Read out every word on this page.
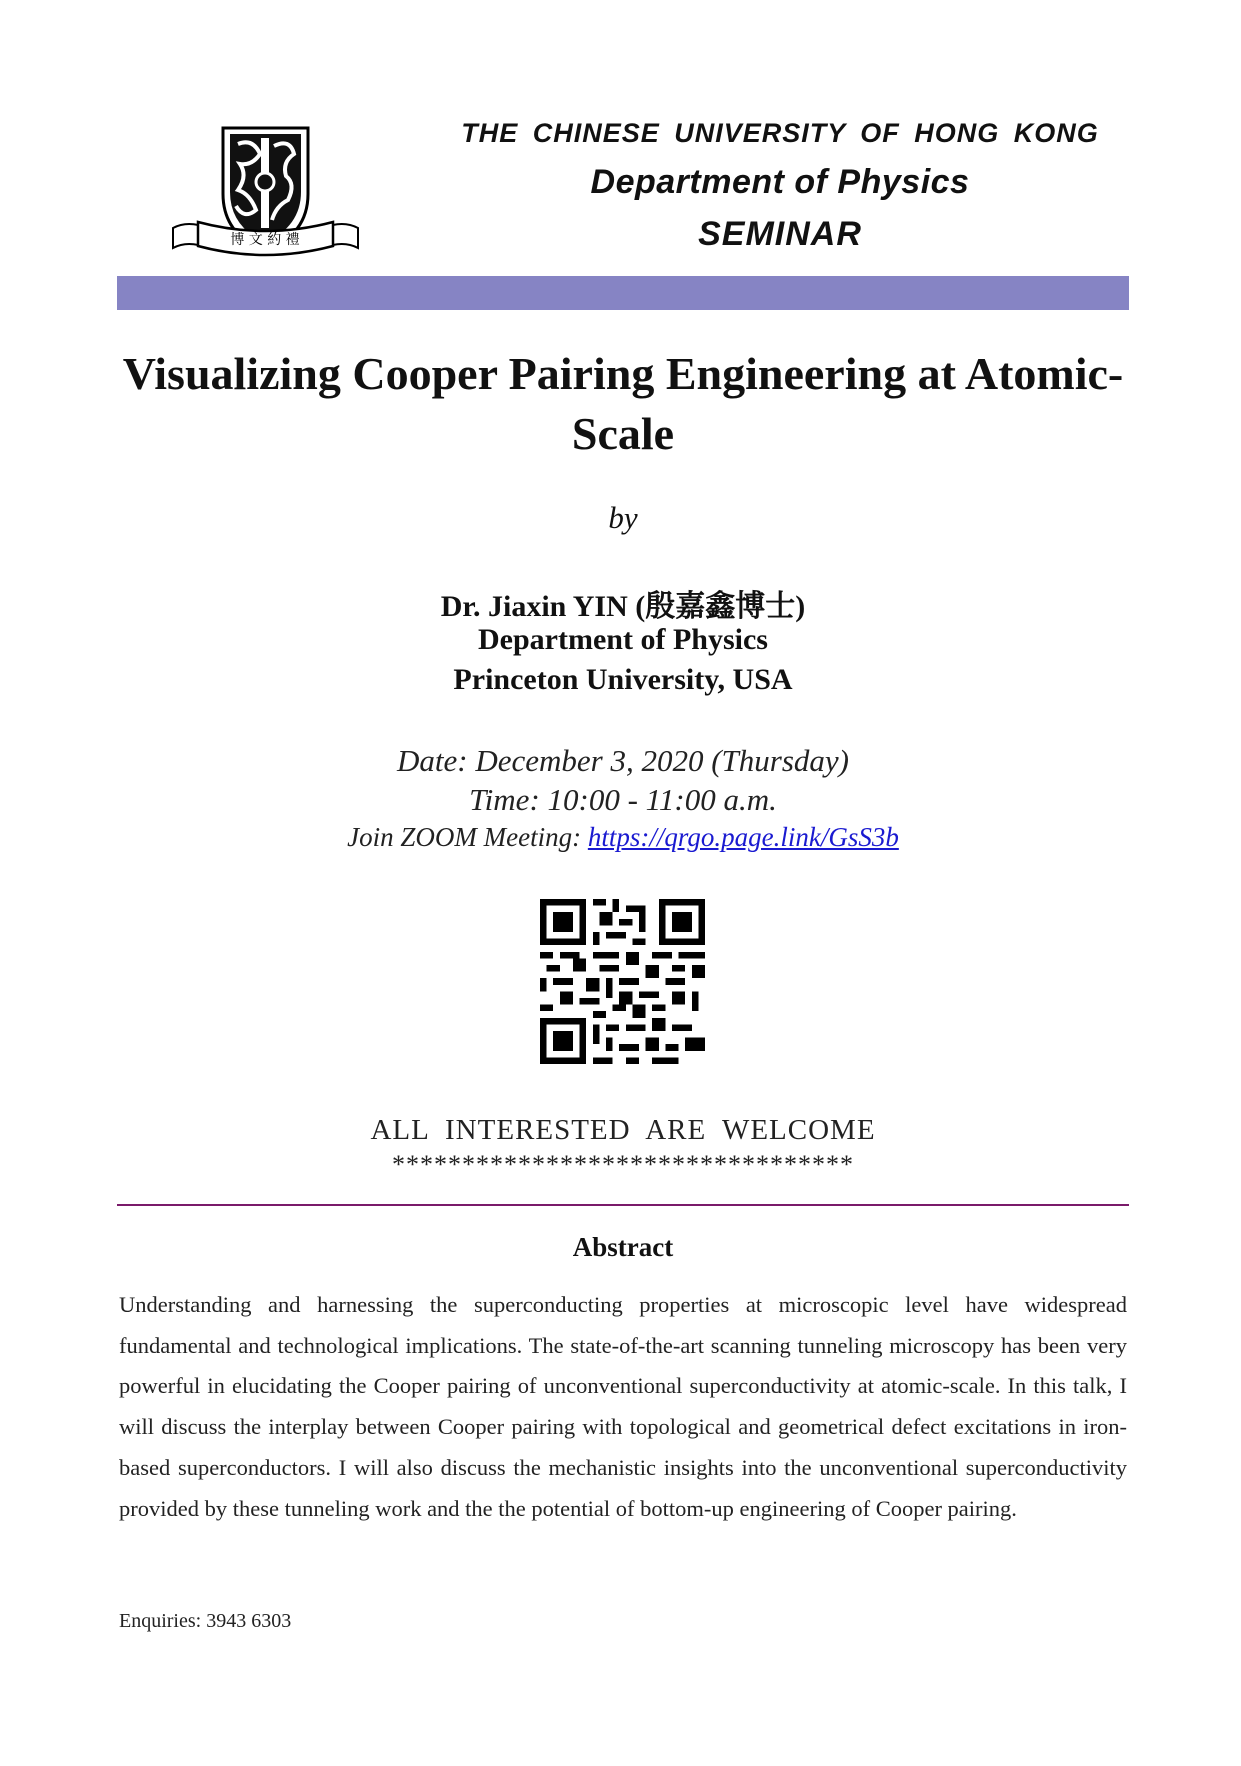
博 文 約 禮
THE CHINESE UNIVERSITY OF HONG KONG
Department of Physics
SEMINAR
Visualizing Cooper Pairing Engineering at Atomic-Scale
by
Dr. Jiaxin YIN (殷嘉鑫博士)
Department of Physics
Princeton University, USA
Date: December 3, 2020 (Thursday)
Time: 10:00 - 11:00 a.m.
Join ZOOM Meeting: https://qrgo.page.link/GsS3b
ALL INTERESTED ARE WELCOME
*********************************
Abstract
Understanding and harnessing the superconducting properties at microscopic level have widespread fundamental and technological implications. The state-of-the-art scanning tunneling microscopy has been very powerful in elucidating the Cooper pairing of unconventional superconductivity at atomic-scale. In this talk, I will discuss the interplay between Cooper pairing with topological and geometrical defect excitations in iron-based superconductors. I will also discuss the mechanistic insights into the unconventional superconductivity provided by these tunneling work and the the potential of bottom-up engineering of Cooper pairing.
Enquiries: 3943 6303
